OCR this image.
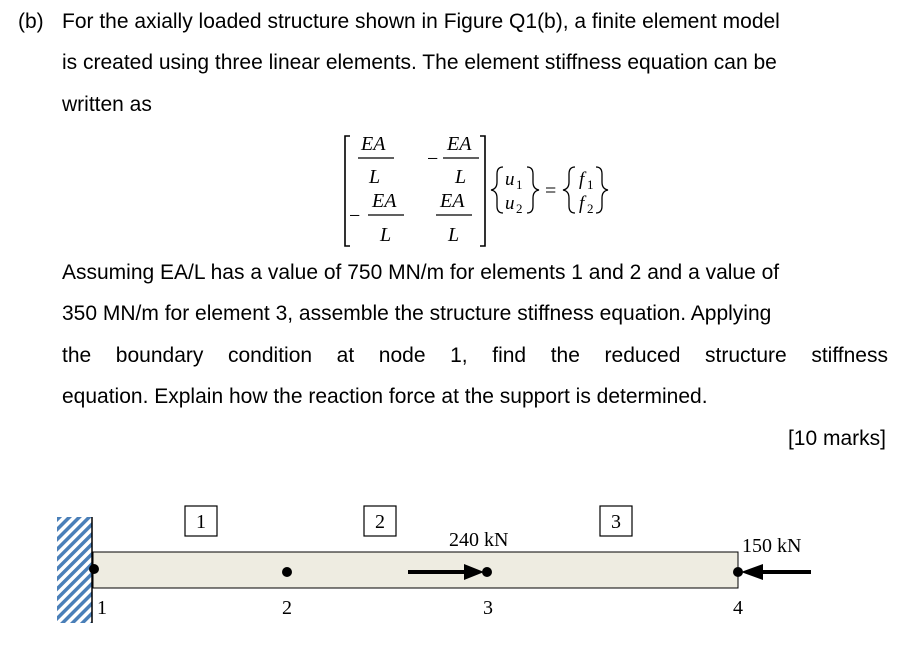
(b) For the axially loaded structure shown in Figure Q1(b), a finite element model
is created using three linear elements. The element stiffness equation can be
written as
EA
L
−
EA
L
−
EA
L
EA
L
u 1
u 2
=
f 1
f 2
Assuming EA/L has a value of 750 MN/m for elements 1 and 2 and a value of
350 MN/m for element 3, assemble the structure stiffness equation. Applying
the boundary condition at node 1, find the reduced structure stiffness
equation. Explain how the reaction force at the support is determined.
[10 marks]
1	2	3
1	2	3	4
240 kN	150 kN
